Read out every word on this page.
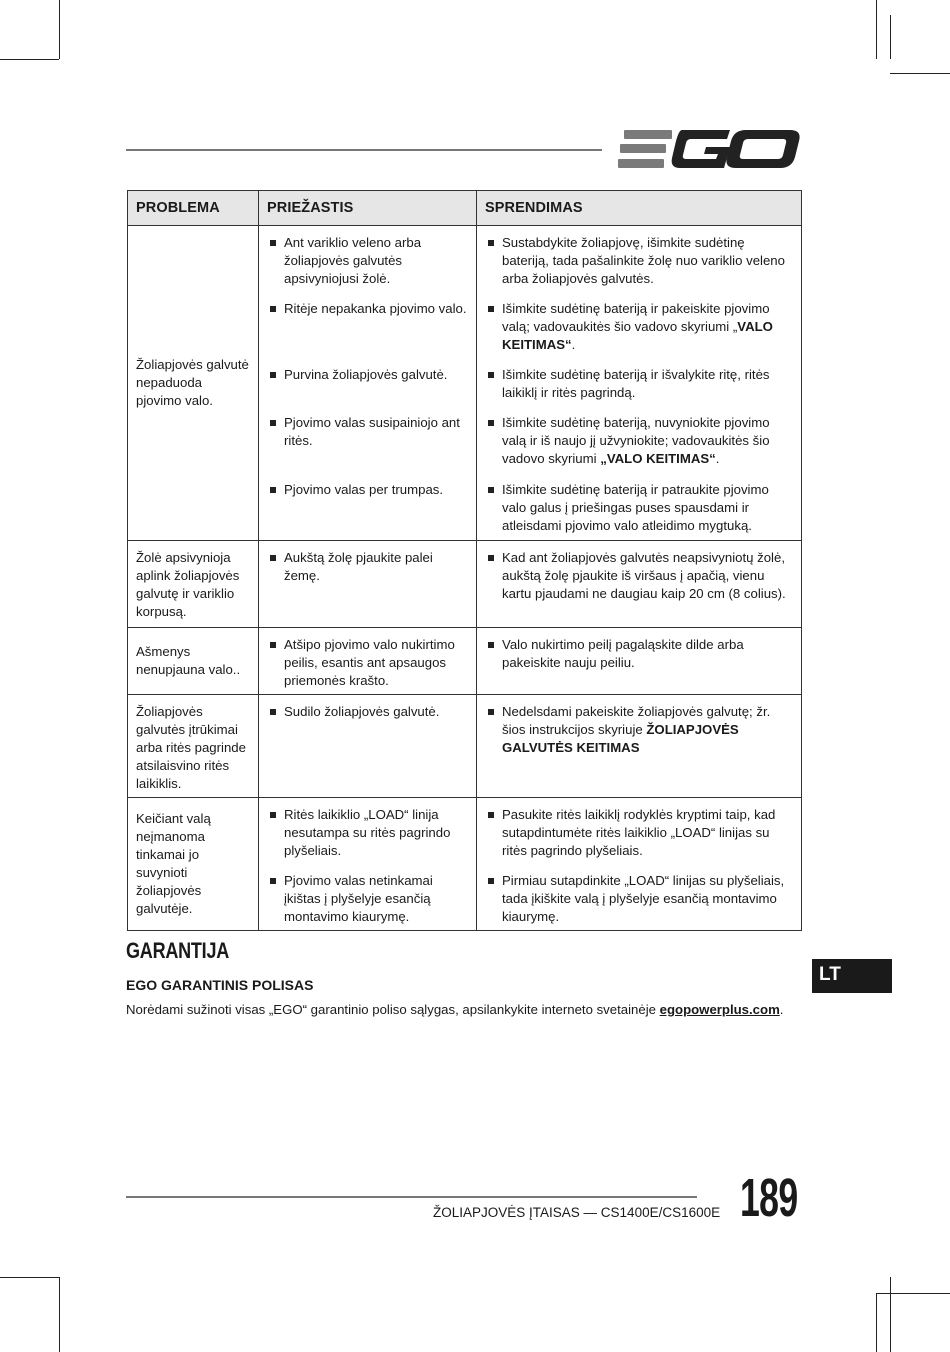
PROBLEMA	PRIEŽASTIS	SPRENDIMAS
Žoliapjovės galvutė nepaduoda pjovimo valo.	Ant variklio veleno arba žoliapjovės galvutės apsivyniojusi žolė.	Sustabdykite žoliapjovę, išimkite sudėtinę bateriją, tada pašalinkite žolę nuo variklio veleno arba žoliapjovės galvutės.

	Ritėje nepakanka pjovimo valo.	Išimkite sudėtinę bateriją ir pakeiskite pjovimo valą; vadovaukitės šio vadovo skyriumi „VALO KEITIMAS“.

	Purvina žoliapjovės galvutė.	Išimkite sudėtinę bateriją ir išvalykite ritę, ritės laikiklį ir ritės pagrindą.

	Pjovimo valas susipainiojo ant ritės.	Išimkite sudėtinę bateriją, nuvyniokite pjovimo valą ir iš naujo jį užvyniokite; vadovaukitės šio vadovo skyriumi „VALO KEITIMAS“.

	Pjovimo valas per trumpas.	Išimkite sudėtinę bateriją ir patraukite pjovimo valo galus į priešingas puses spausdami ir atleisdami pjovimo valo atleidimo mygtuką.

Žolė apsivynioja aplink žoliapjovės galvutę ir variklio korpusą.	Aukštą žolę pjaukite palei žemę.	Kad ant žoliapjovės galvutės neapsivyniotų žolė, aukštą žolę pjaukite iš viršaus į apačią, vienu kartu pjaudami ne daugiau kaip 20 cm (8 colius).

Ašmenys nenupjauna valo..	Atšipo pjovimo valo nukirtimo peilis, esantis ant apsaugos priemonės krašto.	Valo nukirtimo peilį pagaląskite dilde arba pakeiskite nauju peiliu.

Žoliapjovės galvutės įtrūkimai arba ritės pagrinde atsilaisvino ritės laikiklis.	Sudilo žoliapjovės galvutė.	Nedelsdami pakeiskite žoliapjovės galvutę; žr. šios instrukcijos skyriuje ŽOLIAPJOVĖS GALVUTĖS KEITIMAS

Keičiant valą neįmanoma tinkamai jo suvynioti žoliapjovės galvutėje.	Ritės laikiklio „LOAD“ linija nesutampa su ritės pagrindo plyšeliais.	Pasukite ritės laikiklį rodyklės kryptimi taip, kad sutapdintumėte ritės laikiklio „LOAD“ linijas su ritės pagrindo plyšeliais.

	Pjovimo valas netinkamai įkištas į plyšelyje esančią montavimo kiaurymę.	Pirmiau sutapdinkite „LOAD“ linijas su plyšeliais, tada įkiškite valą į plyšelyje esančią montavimo kiaurymę.
GARANTIJA
EGO GARANTINIS POLISAS
Norėdami sužinoti visas „EGO“ garantinio poliso sąlygas, apsilankykite interneto svetainėje egopowerplus.com.
LT
ŽOLIAPJOVĖS ĮTAISAS — CS1400E/CS1600E 189
